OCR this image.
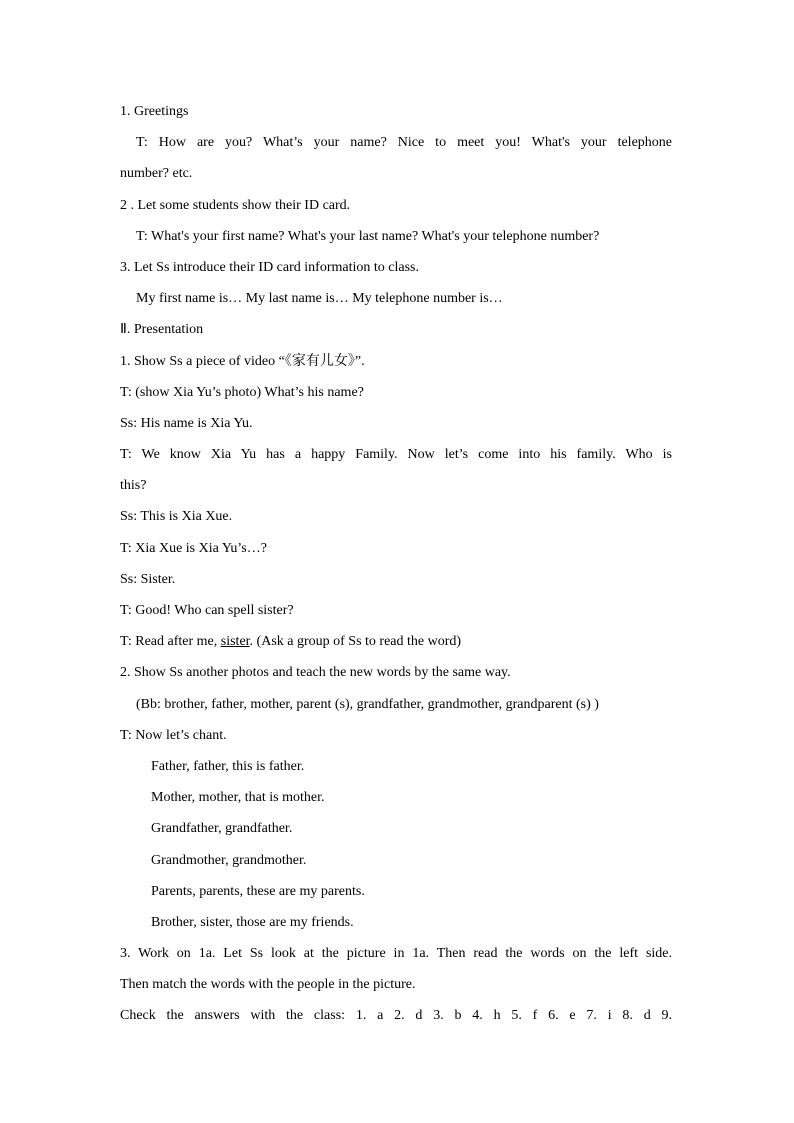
1. Greetings
T: How are you? What’s your name? Nice to meet you! What's your telephone
number? etc.
2 . Let some students show their ID card.
T: What's your first name? What's your last name? What's your telephone number?
3. Let Ss introduce their ID card information to class.
My first name is… My last name is… My telephone number is…
Ⅱ. Presentation
1. Show Ss a piece of video “《家有儿女》”.
T: (show Xia Yu’s photo) What’s his name?
Ss: His name is Xia Yu.
T: We know Xia Yu has a happy Family. Now let’s come into his family. Who is
this?
Ss: This is Xia Xue.
T: Xia Xue is Xia Yu’s…?
Ss: Sister.
T: Good! Who can spell sister?
T: Read after me, sister. (Ask a group of Ss to read the word)
2. Show Ss another photos and teach the new words by the same way.
(Bb: brother, father, mother, parent (s), grandfather, grandmother, grandparent (s) )
T: Now let’s chant.
Father, father, this is father.
Mother, mother, that is mother.
Grandfather, grandfather.
Grandmother, grandmother.
Parents, parents, these are my parents.
Brother, sister, those are my friends.
3. Work on 1a. Let Ss look at the picture in 1a. Then read the words on the left side.
Then match the words with the people in the picture.
Check the answers with the class: 1. a 2. d 3. b 4. h 5. f 6. e 7. i 8. d 9.
